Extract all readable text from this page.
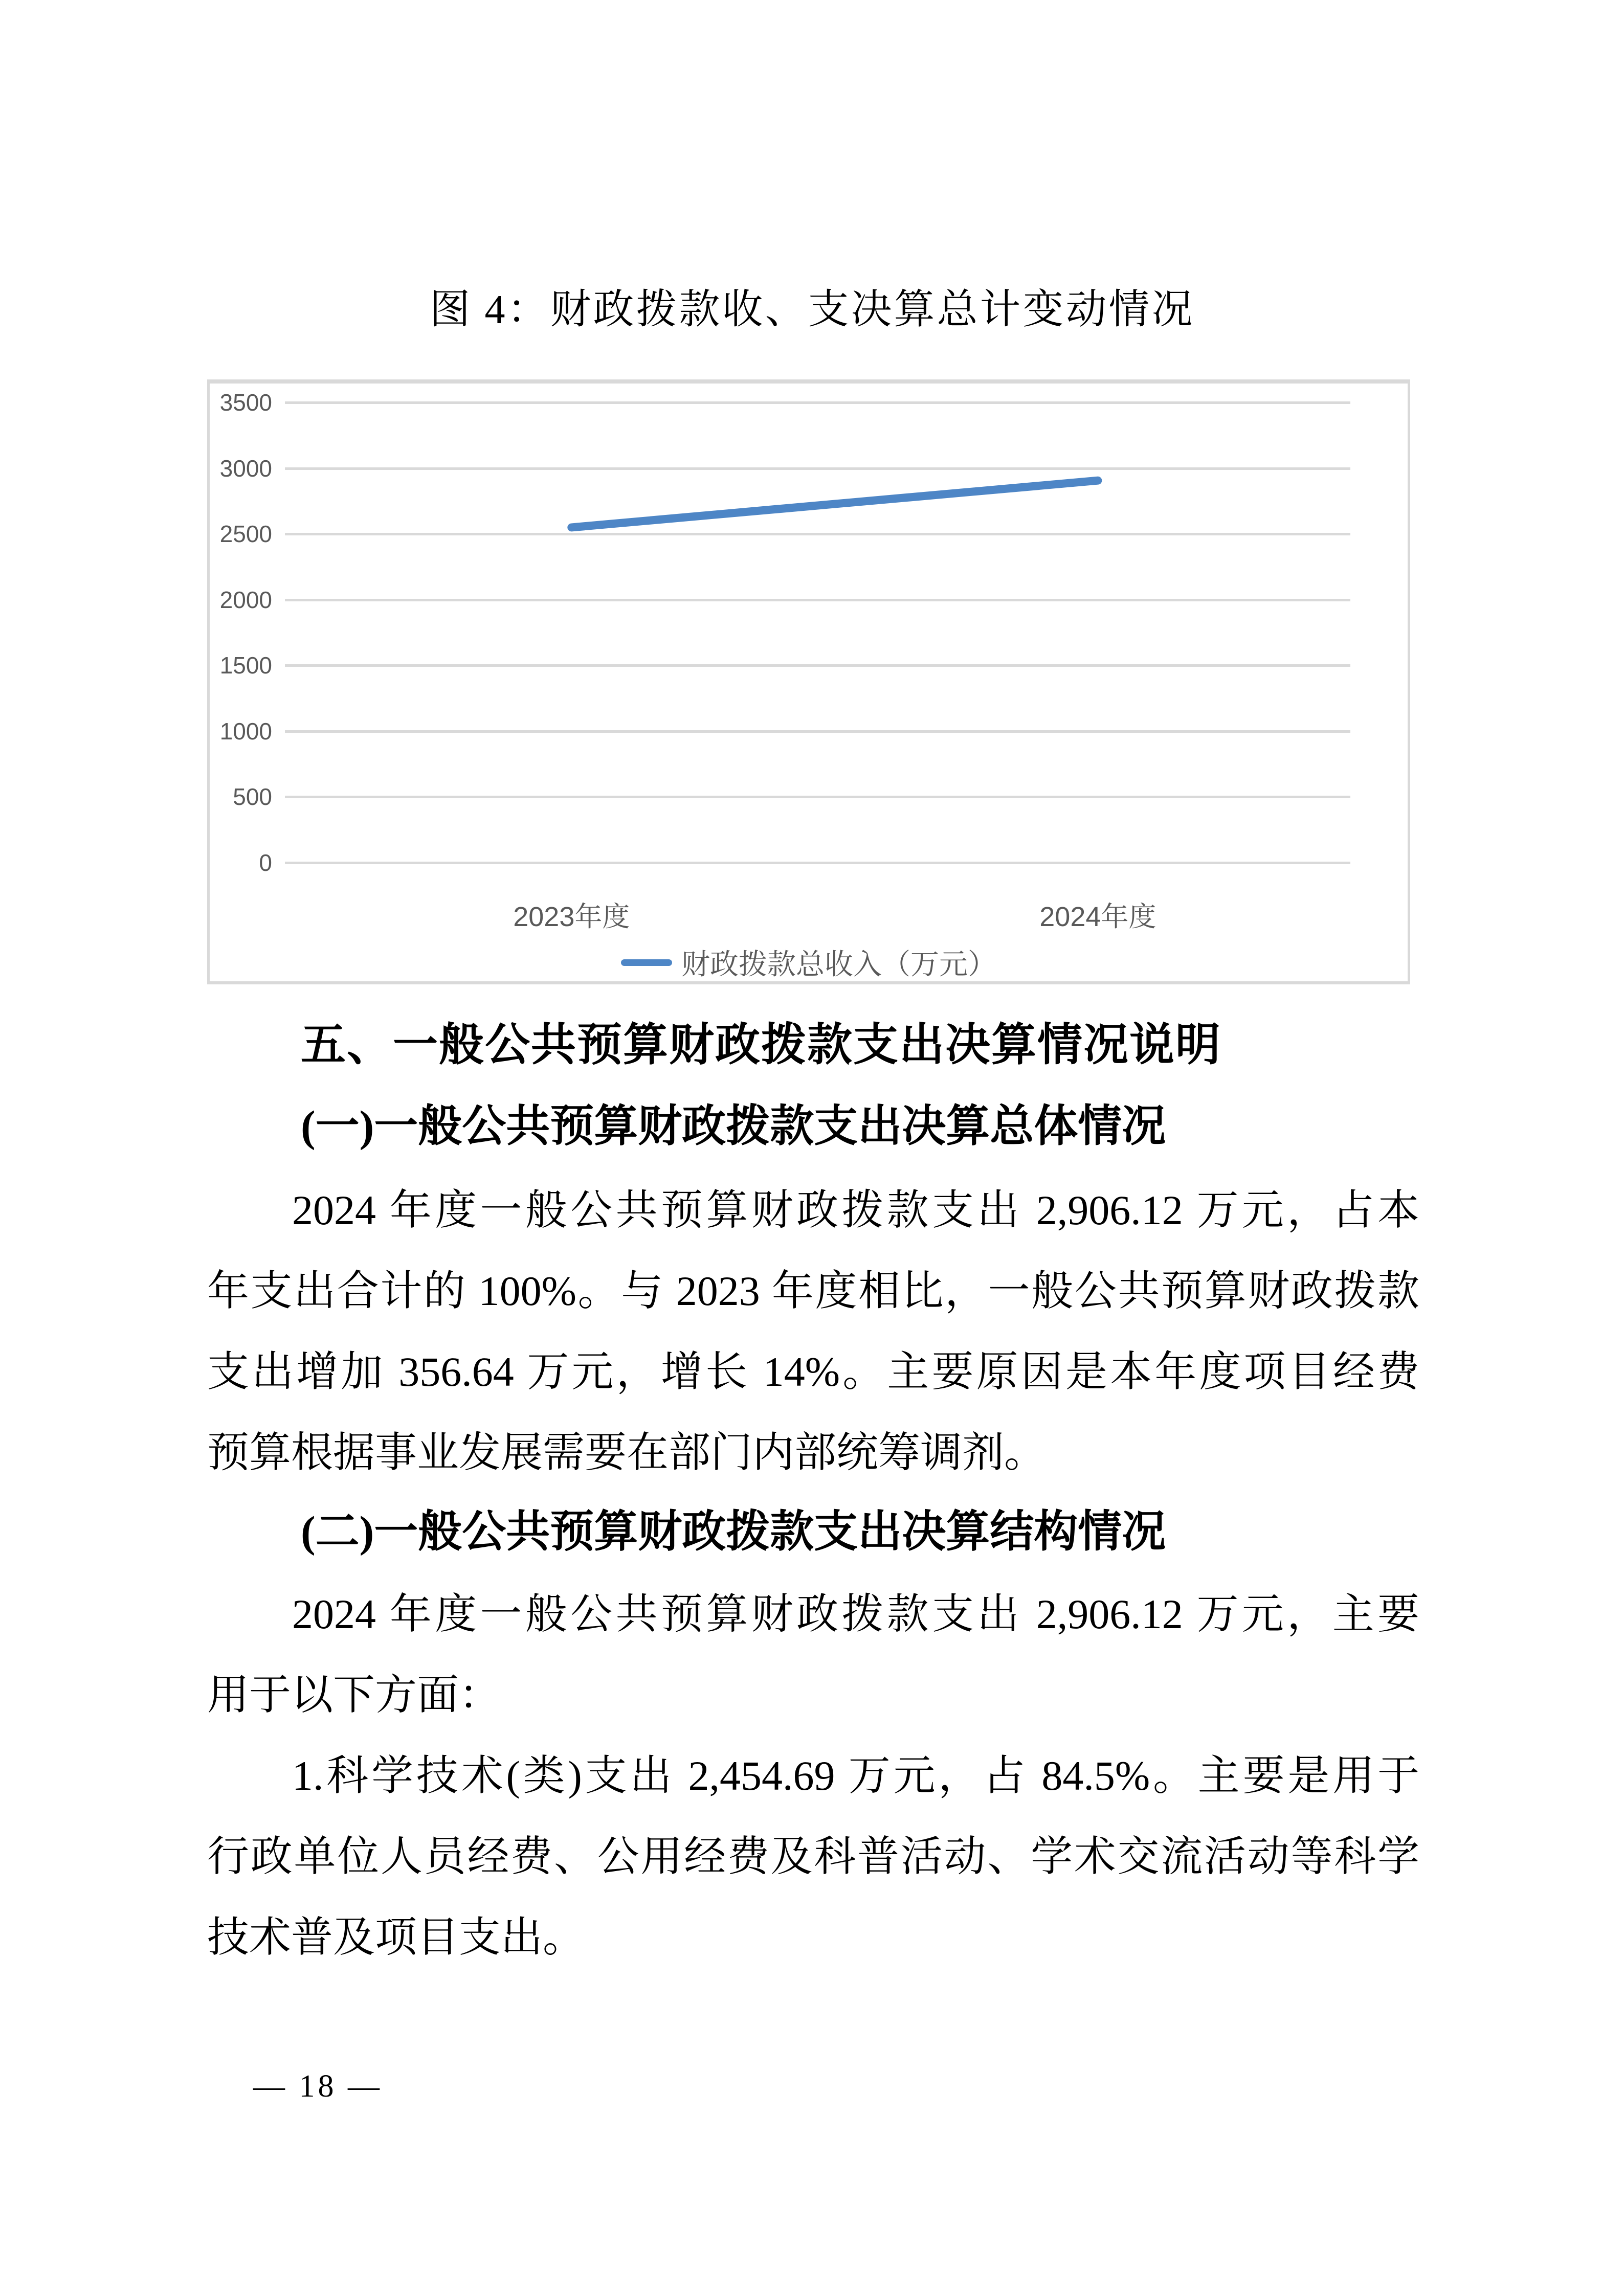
图 4：财政拨款收、支决算总计变动情况
3500
3000
2500
2000
1500
1000
500
0
2023年度	2024年度
财政拨款总收入（万元）
五、一般公共预算财政拨款支出决算情况说明
(一)一般公共预算财政拨款支出决算总体情况
2024 年度一般公共预算财政拨款支出 2,906.12 万元，占本
年支出合计的 100%。与 2023 年度相比，一般公共预算财政拨款
支出增加 356.64 万元，增长 14%。主要原因是本年度项目经费
预算根据事业发展需要在部门内部统筹调剂。
(二)一般公共预算财政拨款支出决算结构情况
2024 年度一般公共预算财政拨款支出 2,906.12 万元，主要
用于以下方面：
1.科学技术(类)支出 2,454.69 万元，占 84.5%。主要是用于
行政单位人员经费、公用经费及科普活动、学术交流活动等科学
技术普及项目支出。
— 18 —
